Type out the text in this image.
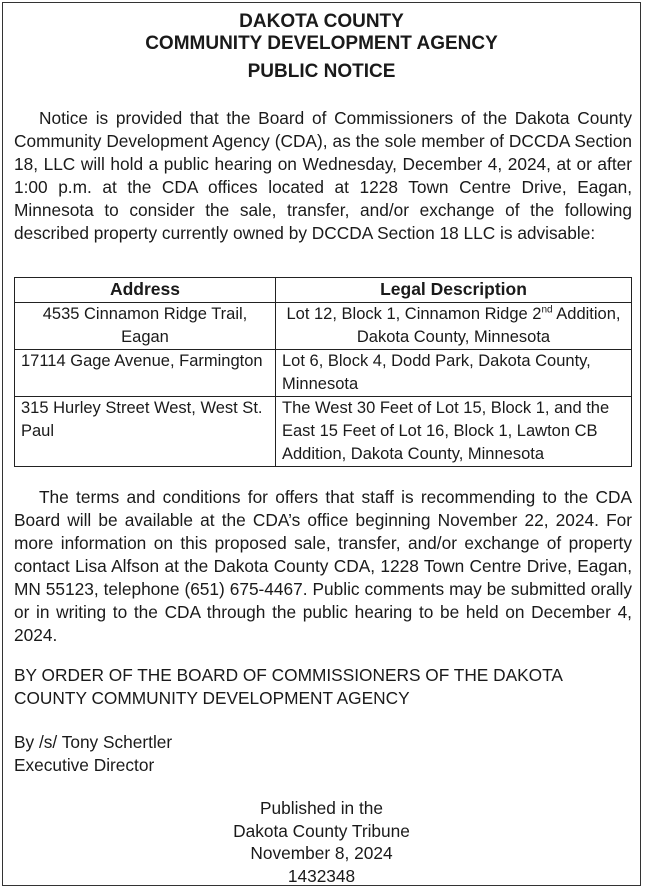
DAKOTA COUNTY
COMMUNITY DEVELOPMENT AGENCY
PUBLIC NOTICE

Notice is provided that the Board of Commissioners of the Dakota County Community Development Agency (CDA), as the sole member of DCCDA Section 18, LLC will hold a public hearing on Wednesday, December 4, 2024, at or after 1:00 p.m. at the CDA offices located at 1228 Town Centre Drive, Eagan, Minnesota to consider the sale, transfer, and/or exchange of the following described property currently owned by DCCDA Section 18 LLC is advisable:

Address	Legal Description
4535 Cinnamon Ridge Trail, Eagan	Lot 12, Block 1, Cinnamon Ridge 2nd Addition, Dakota County, Minnesota
17114 Gage Avenue, Farmington	Lot 6, Block 4, Dodd Park, Dakota County, Minnesota
315 Hurley Street West, West St. Paul	The West 30 Feet of Lot 15, Block 1, and the East 15 Feet of Lot 16, Block 1, Lawton CB Addition, Dakota County, Minnesota

The terms and conditions for offers that staff is recommending to the CDA Board will be available at the CDA’s office beginning November 22, 2024. For more information on this proposed sale, transfer, and/or exchange of property contact Lisa Alfson at the Dakota County CDA, 1228 Town Centre Drive, Eagan, MN 55123, telephone (651) 675-4467. Public comments may be submitted orally or in writing to the CDA through the public hearing to be held on December 4, 2024.

BY ORDER OF THE BOARD OF COMMISSIONERS OF THE DAKOTA COUNTY COMMUNITY DEVELOPMENT AGENCY
By /s/ Tony Schertler
Executive Director
Published in the
Dakota County Tribune
November 8, 2024
1432348
